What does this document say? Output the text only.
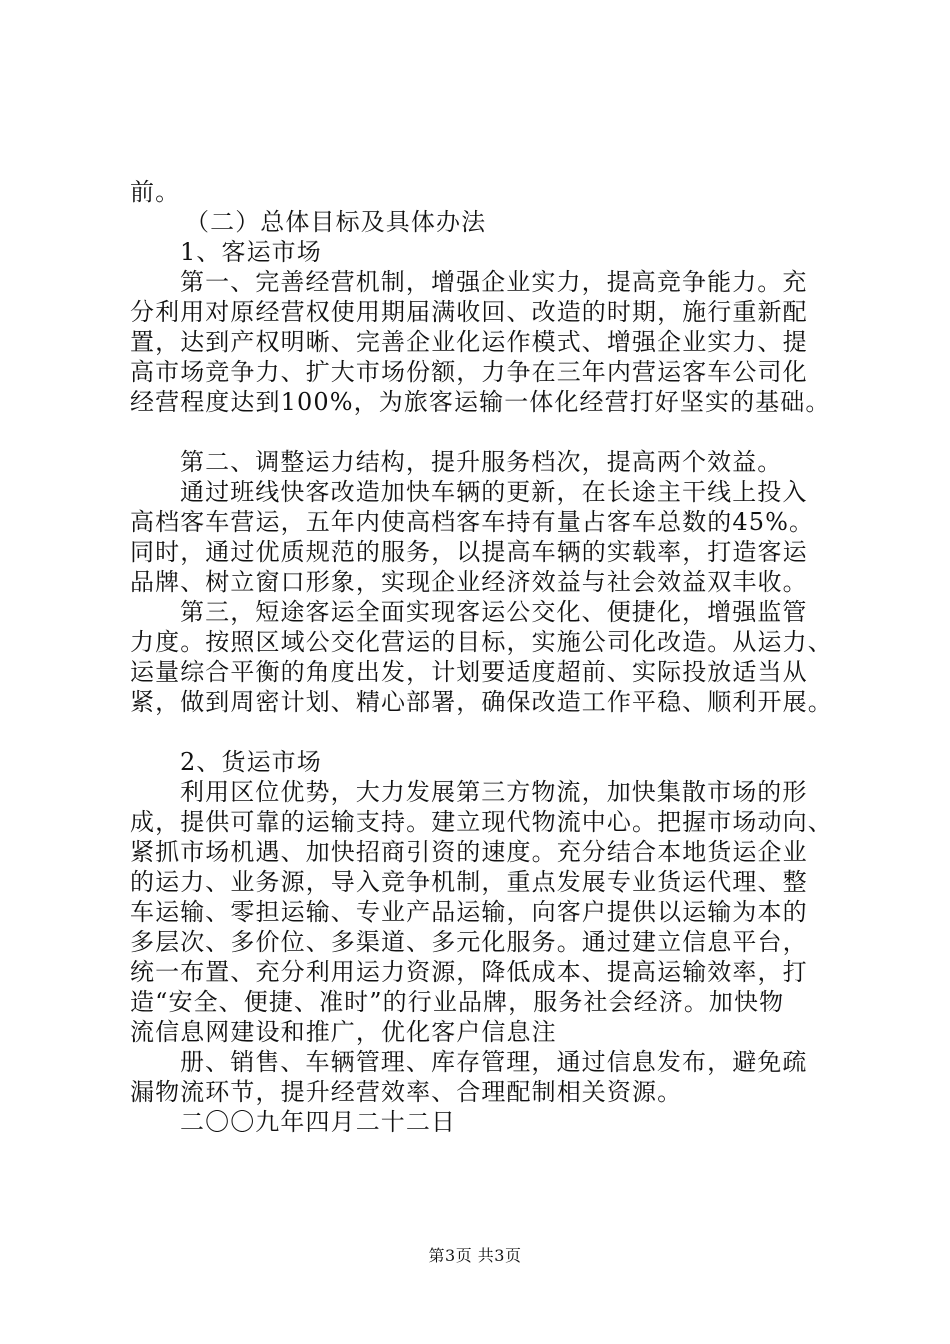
前。
（二）总体目标及具体办法
1、客运市场
第一、完善经营机制，增强企业实力，提高竞争能力。充
分利用对原经营权使用期届满收回、改造的时期，施行重新配
置，达到产权明晰、完善企业化运作模式、增强企业实力、提
高市场竞争力、扩大市场份额，力争在三年内营运客车公司化
经营程度达到100%，为旅客运输一体化经营打好坚实的基础。
第二、调整运力结构，提升服务档次，提高两个效益。
通过班线快客改造加快车辆的更新，在长途主干线上投入
高档客车营运，五年内使高档客车持有量占客车总数的45%。
同时，通过优质规范的服务，以提高车辆的实载率，打造客运
品牌、树立窗口形象，实现企业经济效益与社会效益双丰收。
第三，短途客运全面实现客运公交化、便捷化，增强监管
力度。按照区域公交化营运的目标，实施公司化改造。从运力、
运量综合平衡的角度出发，计划要适度超前、实际投放适当从
紧，做到周密计划、精心部署，确保改造工作平稳、顺利开展。
2、货运市场
利用区位优势，大力发展第三方物流，加快集散市场的形
成，提供可靠的运输支持。建立现代物流中心。把握市场动向、
紧抓市场机遇、加快招商引资的速度。充分结合本地货运企业
的运力、业务源，导入竞争机制，重点发展专业货运代理、整
车运输、零担运输、专业产品运输，向客户提供以运输为本的
多层次、多价位、多渠道、多元化服务。通过建立信息平台，
统一布置、充分利用运力资源，降低成本、提高运输效率，打
造“安全、便捷、准时”的行业品牌，服务社会经济。加快物
流信息网建设和推广，优化客户信息注
册、销售、车辆管理、库存管理，通过信息发布，避免疏
漏物流环节，提升经营效率、合理配制相关资源。
二〇〇九年四月二十二日
第3页 共3页
